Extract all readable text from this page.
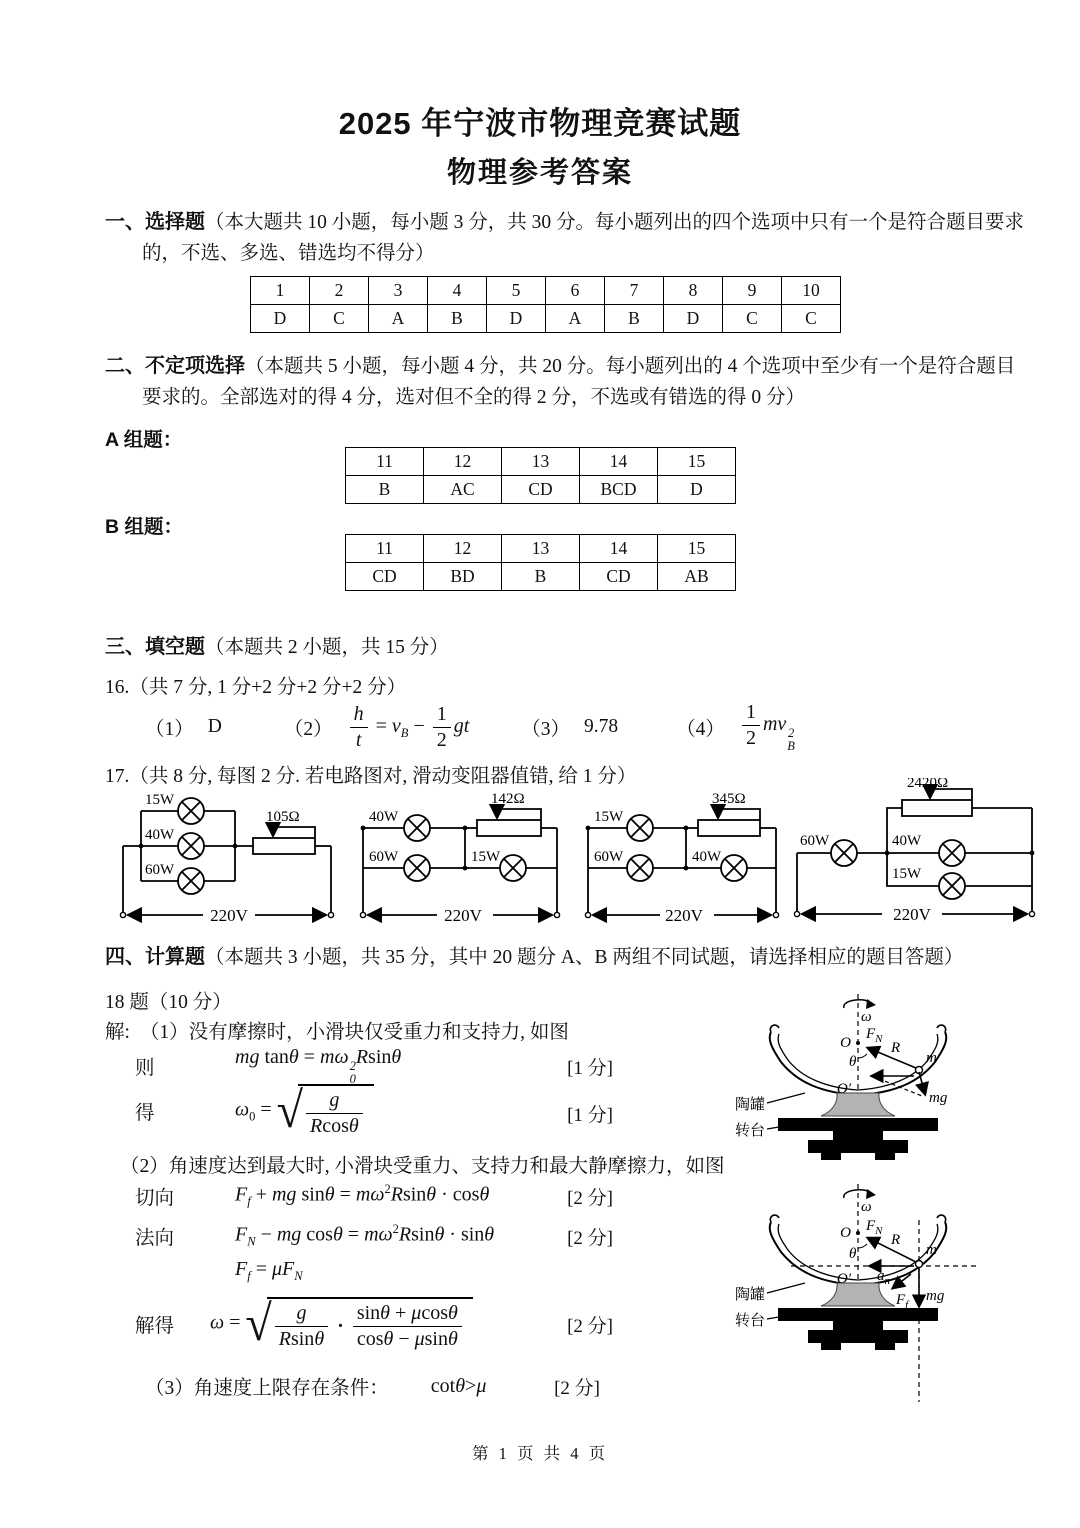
2025 年宁波市物理竞赛试题
物理参考答案
一、选择题（本大题共 10 小题，每小题 3 分，共 30 分。每小题列出的四个选项中只有一个是符合题目要求的，不选、多选、错选均不得分）
1	2	3	4	5	6	7	8	9	10
D	C	A	B	D	A	B	D	C	C
二、不定项选择（本题共 5 小题，每小题 4 分，共 20 分。每小题列出的 4 个选项中至少有一个是符合题目要求的。全部选对的得 4 分，选对但不全的得 2 分，不选或有错选的得 0 分）
A 组题：
11	12	13	14	15
B	AC	CD	BCD	D
B 组题：
11	12	13	14	15
CD	BD	B	CD	AB
三、填空题（本题共 2 小题，共 15 分）
16.（共 7 分, 1 分+2 分+2 分+2 分）
（1） D	$(2) \frac{h}{t} = v_B - \frac{1}{2}$ gt	（3） 9.78	$(4) \frac{1}{2}$ mv 2
B
17.（共 8 分, 每图 2 分. 若电路图对, 滑动变阻器值错, 给 1 分）
15W
40W
60W
105Ω
220V
40W
60W	15W
142Ω
220V
15W
60W	40W
345Ω
220V
60W	40W
15W
2420Ω
220V
四、计算题（本题共 3 小题，共 35 分，其中 20 题分 A、B 两组不同试题，请选择相应的题目答题）
18 题（10 分）
解: （1）没有摩擦时，小滑块仅受重力和支持力, 如图
则
mg tanθ = mω 2
0
Rsinθ
[1 分]
得	$\omega_0$ = √ $\frac{g}{Rcos\theta}$	[1 分]
（2）角速度达到最大时, 小滑块受重力、支持力和最大静摩擦力，如图
切向	$F_f$ + mg $\sin\theta = m\omega^2Rsin\theta \cdot \cos\theta$	[2 分]
法向	$F_N$ − mg $\cos\theta = m\omega^2Rsin\theta \cdot \sin\theta$	[2 分]
$F_f = \mu F_N$
解得	ω = √ $\frac{g}{Rsin\theta} \cdot \frac{\sin\theta + \mu\cos\theta}{\cos\theta - \mu\sin\theta}$	[2 分]
（3）角速度上限存在条件： cotθ>μ	[2 分]
ω
陶罐
转台
O
O′
m
$F_N$
R
θ
mg
ω
陶罐
转台
O
O′
m
$F_N$
R
θ
$a_n$
mg
$F_f$
第 1 页 共 4 页
